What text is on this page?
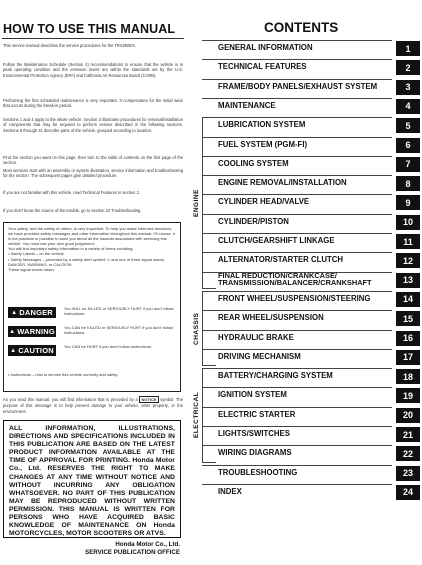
HOW TO USE THIS MANUAL
This service manual describes the service procedures for the TRX250EX.
Follow the Maintenance Schedule (Section 4) recommendations to ensure that the vehicle is in peak operating condition and the emission levels are within the standards set by the U.S. Environmental Protection Agency (EPA) and California Air Resources Board (CARB).
Performing the first scheduled maintenance is very important. It compensates for the initial wear that occurs during the break-in period.
Sections 1 and 4 apply to the whole vehicle. Section 3 illustrates procedures for removal/installation of components that may be required to perform service described in the following sections. Sections 5 through 21 describe parts of the vehicle, grouped according to location.
Find the section you want on this page, then turn to the table of contents on the first page of the section.
Most sections start with an assembly or system illustration, service information and troubleshooting for the section. The subsequent pages give detailed procedure.
If you are not familiar with this vehicle, read Technical Features in section 2.
If you don't know the source of the trouble, go to section 23 Troubleshooting.
Your safety, and the safety of others, is very important. To help you make informed decisions, we have provided safety messages and other information throughout this manual. Of course, it is not practical or possible to warn you about all the hazards associated with servicing this vehicle. You must use your own good judgement.
You will find important safety information in a variety of forms including:
• Safety Labels – on the vehicle
• Safety Messages – preceded by a safety alert symbol ⚠ and one of three signal words, DANGER, WARNING, or CAUTION.
These signal words mean:
▲ DANGER	You WILL be KILLED or SERIOUSLY HURT if you don't follow instructions.
▲ WARNING You CAN be KILLED or SERIOUSLY HURT if you don't follow instructions.
▲ CAUTION	You CAN be HURT if you don't follow instructions.
• Instructions – how to service this vehicle correctly and safely.
As you read this manual, you will find information that is preceded by a NOTICE symbol. The purpose of this message is to help prevent damage to your vehicle, other property, or the environment.
ALL INFORMATION, ILLUSTRATIONS, DIRECTIONS AND SPECIFICATIONS INCLUDED IN THIS PUBLICATION ARE BASED ON THE LATEST PRODUCT INFORMATION AVAILABLE AT THE TIME OF APPROVAL FOR PRINTING. Honda Motor Co., Ltd. RESERVES THE RIGHT TO MAKE CHANGES AT ANY TIME WITHOUT NOTICE AND WITHOUT INCURRING ANY OBLIGATION WHATSOEVER. NO PART OF THIS PUBLICATION MAY BE REPRODUCED WITHOUT WRITTEN PERMISSION. THIS MANUAL IS WRITTEN FOR PERSONS WHO HAVE ACQUIRED BASIC KNOWLEDGE OF MAINTENANCE ON Honda MOTORCYCLES, MOTOR SCOOTERS OR ATVS.
Honda Motor Co., Ltd.
SERVICE PUBLICATION OFFICE
CONTENTS
GENERAL INFORMATION	1
TECHNICAL FEATURES	2
FRAME/BODY PANELS/EXHAUST SYSTEM	3
MAINTENANCE	4
LUBRICATION SYSTEM	5
FUEL SYSTEM (PGM-FI)	6
COOLING SYSTEM	7
ENGINE REMOVAL/INSTALLATION	8
CYLINDER HEAD/VALVE	9
CYLINDER/PISTON	10
CLUTCH/GEARSHIFT LINKAGE	11
ALTERNATOR/STARTER CLUTCH	12
FINAL REDUCTION/CRANKCASE/
TRANSMISSION/BALANCER/CRANKSHAFT	13
FRONT WHEEL/SUSPENSION/STEERING	14
REAR WHEEL/SUSPENSION	15
HYDRAULIC BRAKE	16
DRIVING MECHANISM	17
BATTERY/CHARGING SYSTEM	18
IGNITION SYSTEM	19
ELECTRIC STARTER	20
LIGHTS/SWITCHES	21
WIRING DIAGRAMS	22
TROUBLESHOOTING	23
INDEX	24
ENGINE
CHASSIS
ELECTRICAL
